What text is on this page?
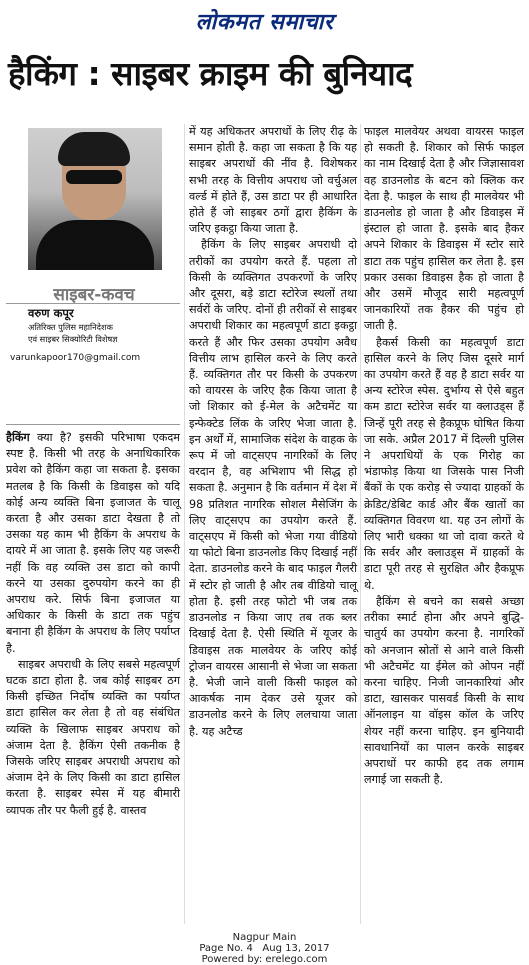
लोकमत समाचार
हैकिंग : साइबर क्राइम की बुनियाद
साइबर-कवच
वरुण कपूर
अतिरिक्त पुलिस महानिदेशक
एवं साइबर सिक्योरिटी विशेषज्ञ
varunkapoor170@gmail.com

हैकिंग क्या है? इसकी परिभाषा एकदम स्पष्ट है. किसी भी तरह के अनाधिकारिक प्रवेश को हैकिंग कहा जा सकता है. इसका मतलब है कि किसी के डिवाइस को यदि कोई अन्य व्यक्ति बिना इजाजत के चालू करता है और उसका डाटा देखता है तो उसका यह काम भी हैकिंग के अपराध के दायरे में आ जाता है. इसके लिए यह जरूरी नहीं कि वह व्यक्ति उस डाटा को कापी करने या उसका दुरुपयोग करने का ही अपराध करे. सिर्फ बिना इजाजत या अधिकार के किसी के डाटा तक पहुंच बनाना ही हैकिंग के अपराध के लिए पर्याप्त है.

साइबर अपराधी के लिए सबसे महत्वपूर्ण घटक डाटा होता है. जब कोई साइबर ठग किसी इच्छित निर्दोष व्यक्ति का पर्याप्त डाटा हासिल कर लेता है तो वह संबंधित व्यक्ति के खिलाफ साइबर अपराध को अंजाम देता है. हैकिंग ऐसी तकनीक है जिसके जरिए साइबर अपराधी अपराध को अंजाम देने के लिए किसी का डाटा हासिल करता है. साइबर स्पेस में यह बीमारी व्यापक तौर पर फैली हुई है. वास्तव

में यह अधिकतर अपराधों के लिए रीढ़ के समान होती है. कहा जा सकता है कि यह साइबर अपराधों की नींव है. विशेषकर सभी तरह के वित्तीय अपराध जो वर्चुअल वर्ल्ड में होते हैं, उस डाटा पर ही आधारित होते हैं जो साइबर ठगों द्वारा हैकिंग के जरिए इकट्ठा किया जाता है.

हैकिंग के लिए साइबर अपराधी दो तरीकों का उपयोग करते हैं. पहला तो किसी के व्यक्तिगत उपकरणों के जरिए और दूसरा, बड़े डाटा स्टोरेज स्थलों तथा सर्वरों के जरिए. दोनों ही तरीकों से साइबर अपराधी शिकार का महत्वपूर्ण डाटा इकट्ठा करते हैं और फिर उसका उपयोग अवैध वित्तीय लाभ हासिल करने के लिए करते हैं. व्यक्तिगत तौर पर किसी के उपकरण को वायरस के जरिए हैक किया जाता है जो शिकार को ई-मेल के अटैचमेंट या इन्फेक्टेड लिंक के जरिए भेजा जाता है. इन अर्थों में, सामाजिक संदेश के वाहक के रूप में जो वाट्सएप नागरिकों के लिए वरदान है, वह अभिशाप भी सिद्ध हो सकता है. अनुमान है कि वर्तमान में देश में 98 प्रतिशत नागरिक सोशल मैसेजिंग के लिए वाट्सएप का उपयोग करते हैं. वाट्सएप में किसी को भेजा गया वीडियो या फोटो बिना डाउनलोड किए दिखाई नहीं देता. डाउनलोड करने के बाद फाइल गैलरी में स्टोर हो जाती है और तब वीडियो चालू होता है. इसी तरह फोटो भी जब तक डाउनलोड न किया जाए तब तक ब्लर दिखाई देता है. ऐसी स्थिति में यूजर के डिवाइस तक मालवेयर के जरिए कोई ट्रोजन वायरस आसानी से भेजा जा सकता है. भेजी जाने वाली किसी फाइल को आकर्षक नाम देकर उसे यूजर को डाउनलोड करने के लिए ललचाया जाता है. यह अटैच्ड

फाइल मालवेयर अथवा वायरस फाइल हो सकती है. शिकार को सिर्फ फाइल का नाम दिखाई देता है और जिज्ञासावश वह डाउनलोड के बटन को क्लिक कर देता है. फाइल के साथ ही मालवेयर भी डाउनलोड हो जाता है और डिवाइस में इंस्टाल हो जाता है. इसके बाद हैकर अपने शिकार के डिवाइस में स्टोर सारे डाटा तक पहुंच हासिल कर लेता है. इस प्रकार उसका डिवाइस हैक हो जाता है और उसमें मौजूद सारी महत्वपूर्ण जानकारियों तक हैकर की पहुंच हो जाती है.

हैकर्स किसी का महत्वपूर्ण डाटा हासिल करने के लिए जिस दूसरे मार्ग का उपयोग करते हैं वह है डाटा सर्वर या अन्य स्टोरेज स्पेस. दुर्भाग्य से ऐसे बहुत कम डाटा स्टोरेज सर्वर या क्लाउड्स हैं जिन्हें पूरी तरह से हैकप्रूफ घोषित किया जा सके. अप्रैल 2017 में दिल्ली पुलिस ने अपराधियों के एक गिरोह का भंडाफोड़ किया था जिसके पास निजी बैंकों के एक करोड़ से ज्यादा ग्राहकों के क्रेडिट/डेबिट कार्ड और बैंक खातों का व्यक्तिगत विवरण था. यह उन लोगों के लिए भारी धक्का था जो दावा करते थे कि सर्वर और क्लाउड्स में ग्राहकों के डाटा पूरी तरह से सुरक्षित और हैकप्रूफ थे.

हैकिंग से बचने का सबसे अच्छा तरीका स्मार्ट होना और अपने बुद्धि-चातुर्य का उपयोग करना है. नागरिकों को अनजान स्रोतों से आने वाले किसी भी अटैचमेंट या ईमेल को ओपन नहीं करना चाहिए. निजी जानकारियां और डाटा, खासकर पासवर्ड किसी के साथ ऑनलाइन या वॉइस कॉल के जरिए शेयर नहीं करना चाहिए. इन बुनियादी सावधानियों का पालन करके साइबर अपराधों पर काफी हद तक लगाम लगाई जा सकती है.

Nagpur Main
Page No. 4   Aug 13, 2017
Powered by: erelego.com
